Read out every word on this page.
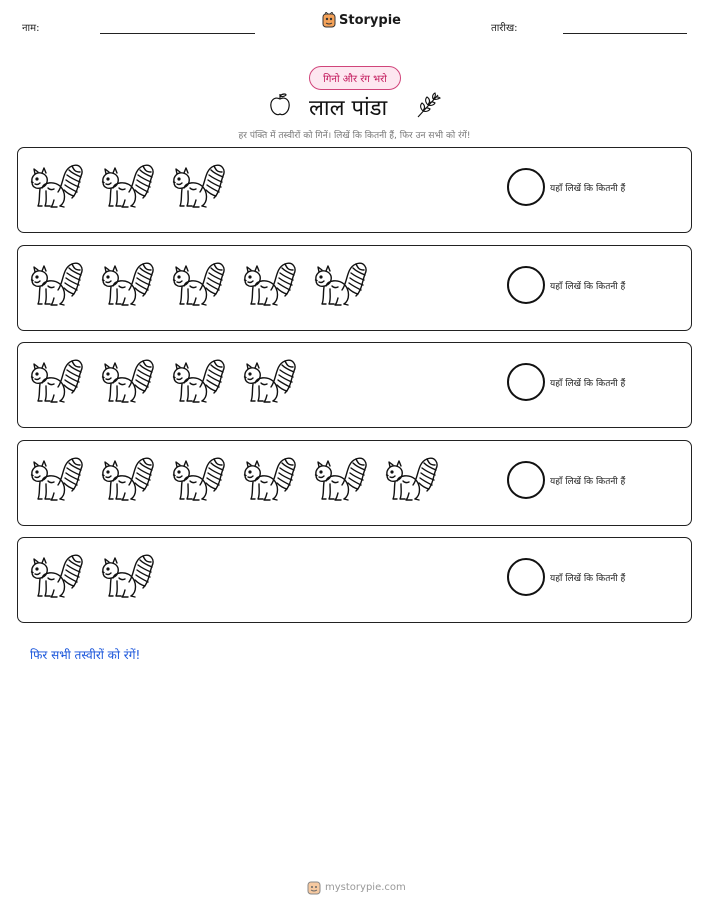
नाम:
Storypie
तारीख:
गिनो और रंग भरो
लाल पांडा
हर पंक्ति में तस्वीरों को गिनें। लिखें कि कितनी हैं, फिर उन सभी को रंगें!
यहाँ लिखें कि कितनी हैं
यहाँ लिखें कि कितनी हैं
यहाँ लिखें कि कितनी हैं
यहाँ लिखें कि कितनी हैं
यहाँ लिखें कि कितनी हैं
फिर सभी तस्वीरों को रंगें!
mystorypie.com
